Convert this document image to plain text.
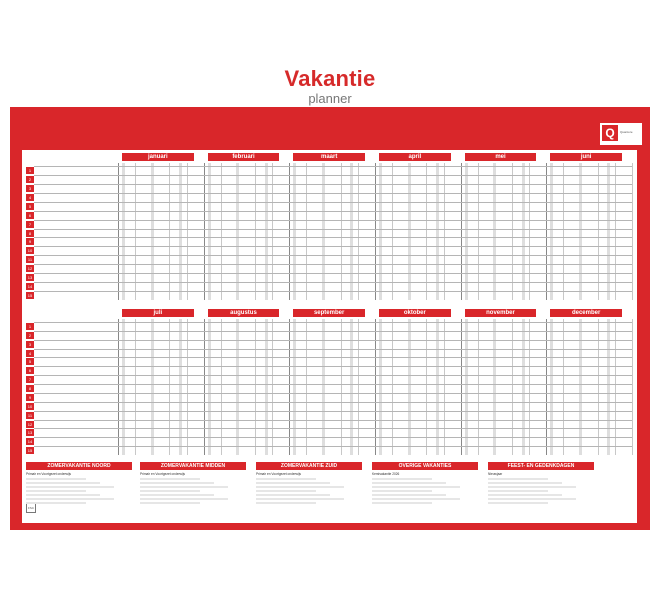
Vakantie
planner
Q	Quantore
FSC
januari	februari	maart	april	mei	juni
1
2
3
4
5
6
7
8
9
10
11
12
13
14
15
juli	augustus	september	oktober	november	december
1
2
3
4
5
6
7
8
9
10
11
12
13
14
15
ZOMERVAKANTIE NOORD
Primair en Voortgezet onderwijs
ZOMERVAKANTIE MIDDEN
Primair en Voortgezet onderwijs
ZOMERVAKANTIE ZUID
Primair en Voortgezet onderwijs
OVERIGE VAKANTIES
Kerstvakantie 2026
FEEST- EN GEDENKDAGEN
Nieuwjaar
